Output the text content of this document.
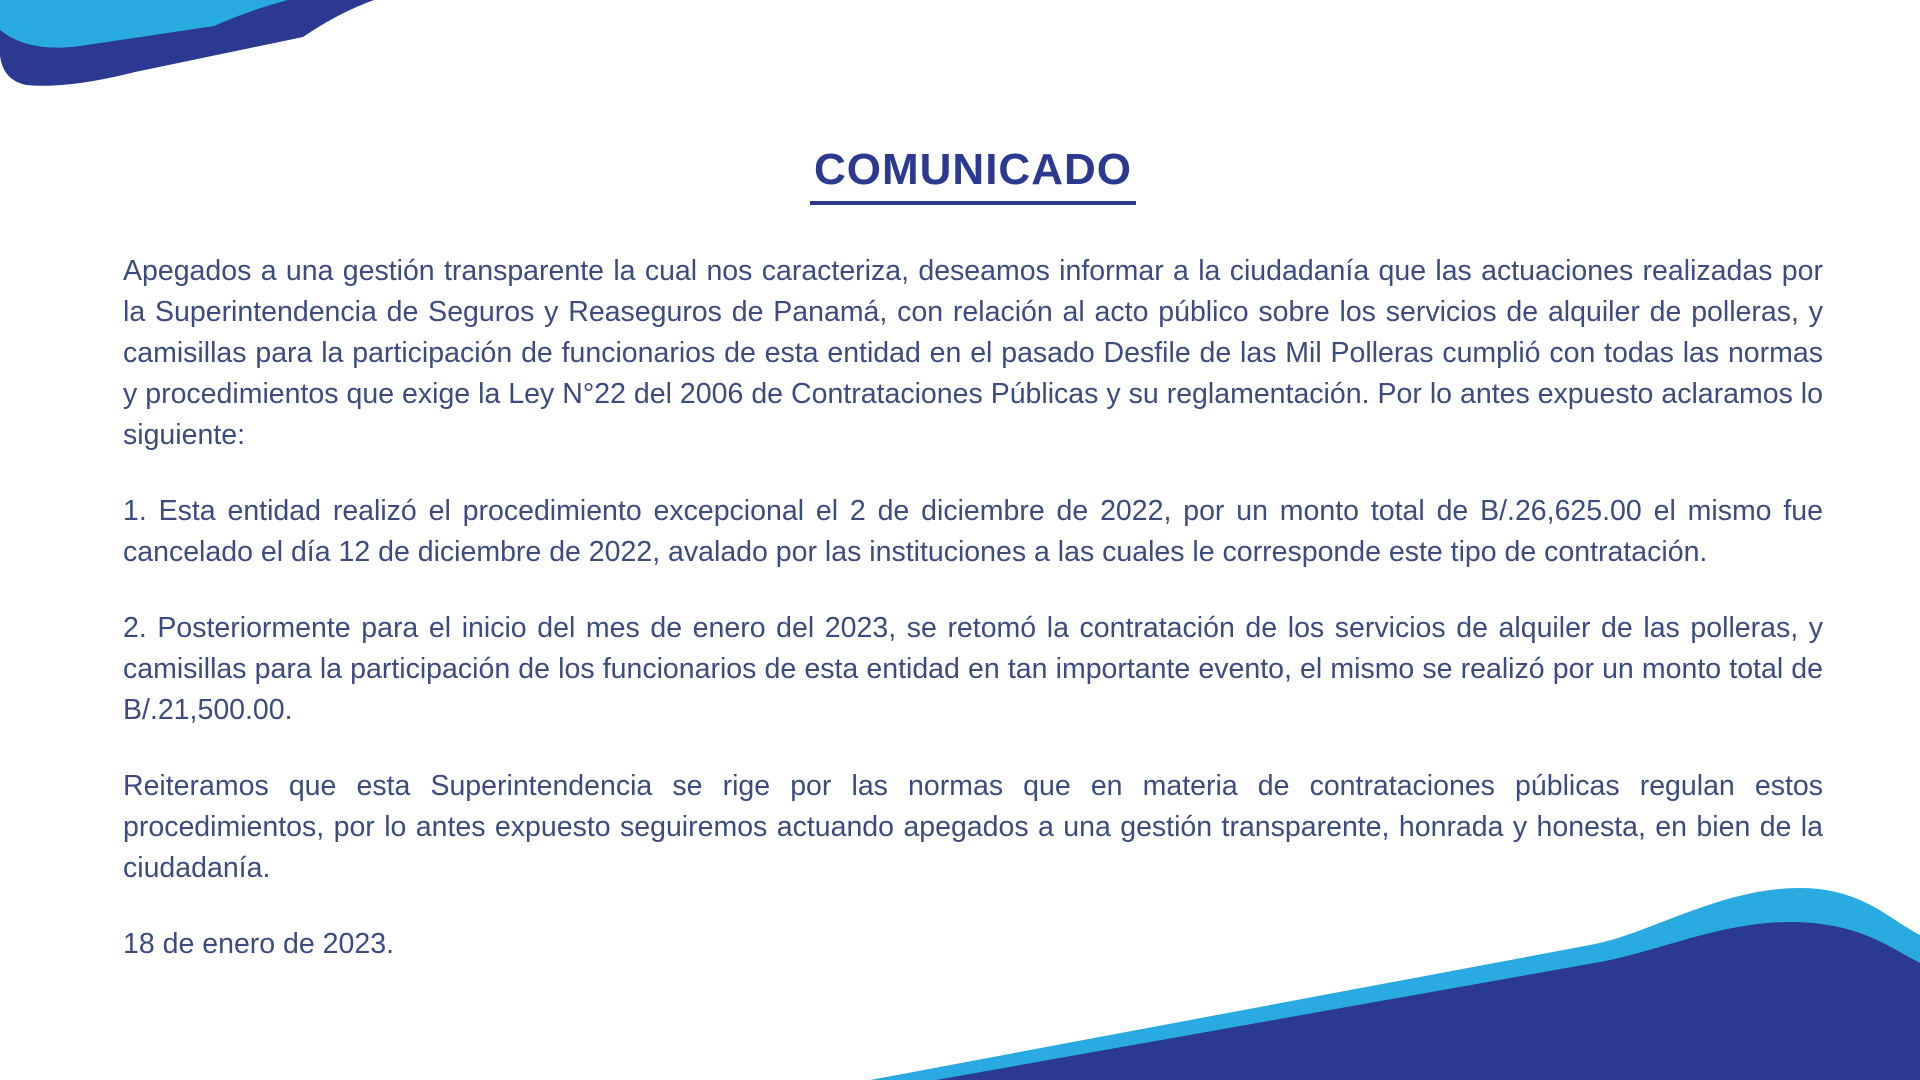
COMUNICADO

Apegados a una gestión transparente la cual nos caracteriza, deseamos informar a la ciudadanía que las actuaciones realizadas por la Superintendencia de Seguros y Reaseguros de Panamá, con relación al acto público sobre los servicios de alquiler de polleras, y camisillas para la participación de funcionarios de esta entidad en el pasado Desfile de las Mil Polleras cumplió con todas las normas y procedimientos que exige la Ley N°22 del 2006 de Contrataciones Públicas y su reglamentación. Por lo antes expuesto aclaramos lo siguiente:

1. Esta entidad realizó el procedimiento excepcional el 2 de diciembre de 2022, por un monto total de B/.26,625.00 el mismo fue cancelado el día 12 de diciembre de 2022, avalado por las instituciones a las cuales le corresponde este tipo de contratación.

2. Posteriormente para el inicio del mes de enero del 2023, se retomó la contratación de los servicios de alquiler de las polleras, y camisillas para la participación de los funcionarios de esta entidad en tan importante evento, el mismo se realizó por un monto total de B/.21,500.00.

Reiteramos que esta Superintendencia se rige por las normas que en materia de contrataciones públicas regulan estos procedimientos, por lo antes expuesto seguiremos actuando apegados a una gestión transparente, honrada y honesta, en bien de la ciudadanía.

18 de enero de 2023.
